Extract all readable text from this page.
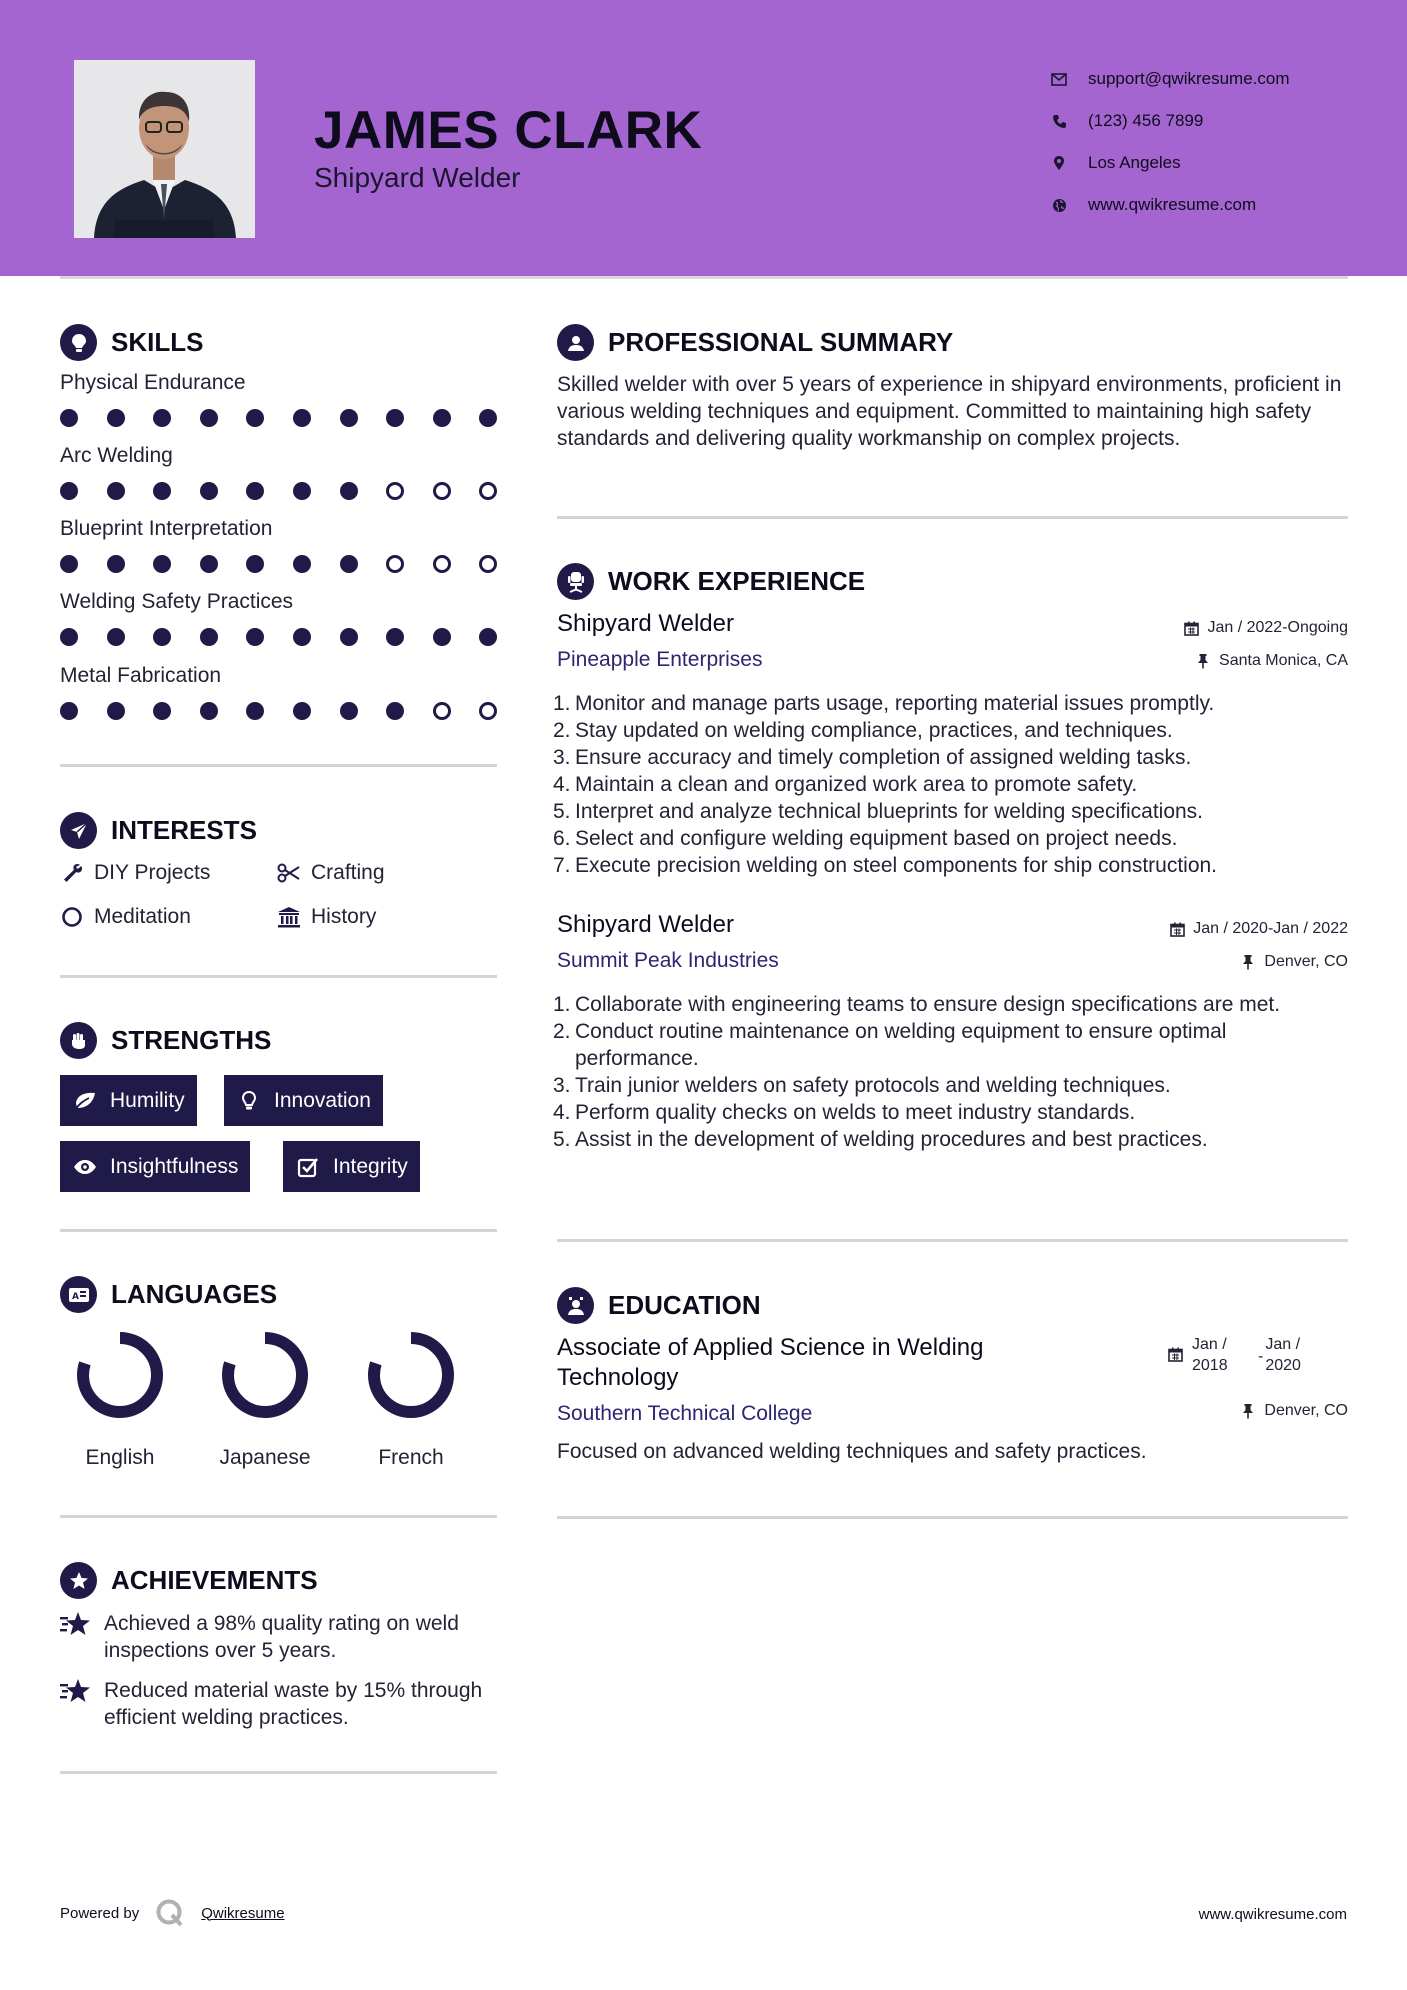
JAMES CLARK
Shipyard Welder
support@qwikresume.com
(123) 456 7899
Los Angeles
www.qwikresume.com
SKILLS
Physical Endurance
Arc Welding
Blueprint Interpretation
Welding Safety Practices
Metal Fabrication
INTERESTS
DIY Projects	Crafting
Meditation	History
STRENGTHS
Humility	Innovation
Insightfulness	Integrity
A LANGUAGES
English	Japanese	French
ACHIEVEMENTS
Achieved a 98% quality rating on weld inspections over 5 years.
Reduced material waste by 15% through efficient welding practices.
PROFESSIONAL SUMMARY
Skilled welder with over 5 years of experience in shipyard environments, proficient in various welding techniques and equipment. Committed to maintaining high safety standards and delivering quality workmanship on complex projects.
WORK EXPERIENCE
Shipyard Welder	Jan / 2022-Ongoing
Pineapple Enterprises	Santa Monica, CA
1. Monitor and manage parts usage, reporting material issues promptly.
2. Stay updated on welding compliance, practices, and techniques.
3. Ensure accuracy and timely completion of assigned welding tasks.
4. Maintain a clean and organized work area to promote safety.
5. Interpret and analyze technical blueprints for welding specifications.
6. Select and configure welding equipment based on project needs.
7. Execute precision welding on steel components for ship construction.
Shipyard Welder	Jan / 2020-Jan / 2022
Summit Peak Industries	Denver, CO
1. Collaborate with engineering teams to ensure design specifications are met.
2. Conduct routine maintenance on welding equipment to ensure optimal performance.
3. Train junior welders on safety protocols and welding techniques.
4. Perform quality checks on welds to meet industry standards.
5. Assist in the development of welding procedures and best practices.
EDUCATION
Associate of Applied Science in Welding Technology
Jan / 2018
-
Jan / 2020
Southern Technical College	Denver, CO
Focused on advanced welding techniques and safety practices.
Powered by	Qwikresume	www.qwikresume.com
